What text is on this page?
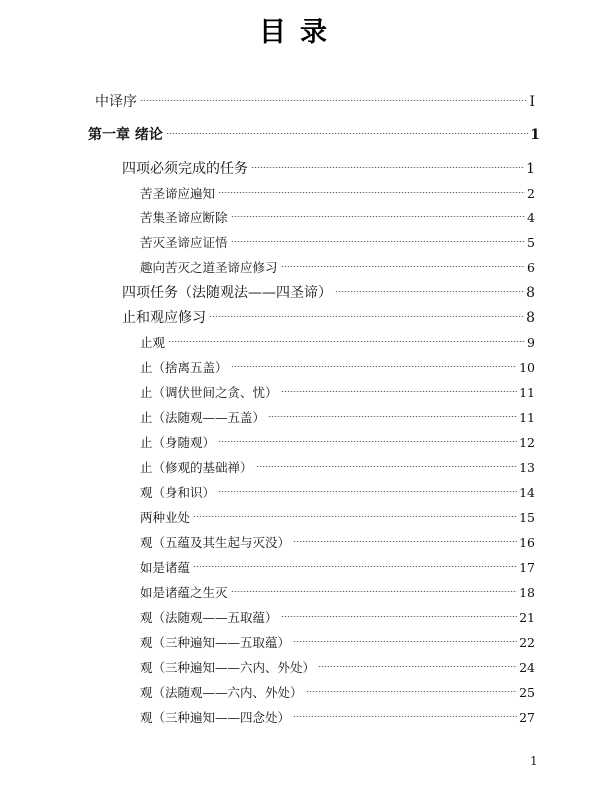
目录
中译序	I
第一章 绪论	1
四项必须完成的任务	1
苦圣谛应遍知	2
苦集圣谛应断除	4
苦灭圣谛应证悟	5
趣向苦灭之道圣谛应修习	6
四项任务（法随观法——四圣谛）	8
止和观应修习	8
止观	9
止（捨离五盖）	10
止（调伏世间之贪、忧）	11
止（法随观——五盖）	11
止（身随观）	12
止（修观的基础禅）	13
观（身和识）	14
两种业处	15
观（五蕴及其生起与灭没）	16
如是诸蕴	17
如是诸蕴之生灭	18
观（法随观——五取蕴）	21
观（三种遍知——五取蕴）	22
观（三种遍知——六内、外处）	24
观（法随观——六内、外处）	25
观（三种遍知——四念处）	27
1
